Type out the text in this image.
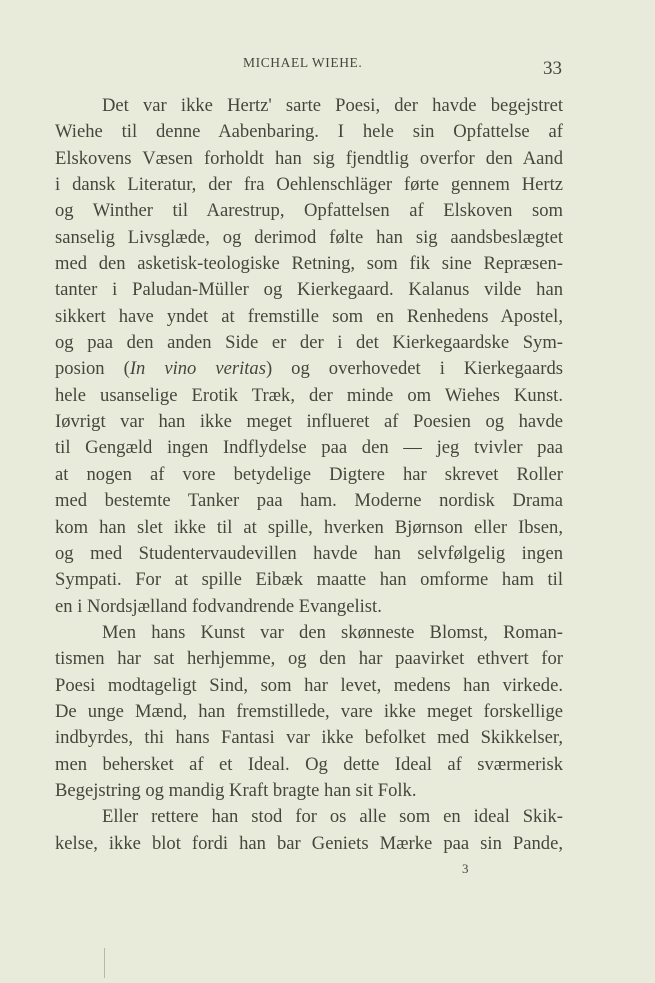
MICHAEL WIEHE.	33
Det var ikke Hertz' sarte Poesi, der havde begejstret
Wiehe til denne Aabenbaring. I hele sin Opfattelse af
Elskovens Væsen forholdt han sig fjendtlig overfor den Aand
i dansk Literatur, der fra Oehlenschläger førte gennem Hertz
og Winther til Aarestrup, Opfattelsen af Elskoven som
sanselig Livsglæde, og derimod følte han sig aandsbeslægtet
med den asketisk-teologiske Retning, som fik sine Repræsen-
tanter i Paludan-Müller og Kierkegaard. Kalanus vilde han
sikkert have yndet at fremstille som en Renhedens Apostel,
og paa den anden Side er der i det Kierkegaardske Sym-
posion (In vino veritas) og overhovedet i Kierkegaards
hele usanselige Erotik Træk, der minde om Wiehes Kunst.
Iøvrigt var han ikke meget influeret af Poesien og havde
til Gengæld ingen Indflydelse paa den — jeg tvivler paa
at nogen af vore betydelige Digtere har skrevet Roller
med bestemte Tanker paa ham. Moderne nordisk Drama
kom han slet ikke til at spille, hverken Bjørnson eller Ibsen,
og med Studentervaudevillen havde han selvfølgelig ingen
Sympati. For at spille Eibæk maatte han omforme ham til
en i Nordsjælland fodvandrende Evangelist.
Men hans Kunst var den skønneste Blomst, Roman-
tismen har sat herhjemme, og den har paavirket ethvert for
Poesi modtageligt Sind, som har levet, medens han virkede.
De unge Mænd, han fremstillede, vare ikke meget forskellige
indbyrdes, thi hans Fantasi var ikke befolket med Skikkelser,
men behersket af et Ideal. Og dette Ideal af sværmerisk
Begejstring og mandig Kraft bragte han sit Folk.
Eller rettere han stod for os alle som en ideal Skik-
kelse, ikke blot fordi han bar Geniets Mærke paa sin Pande,
3
